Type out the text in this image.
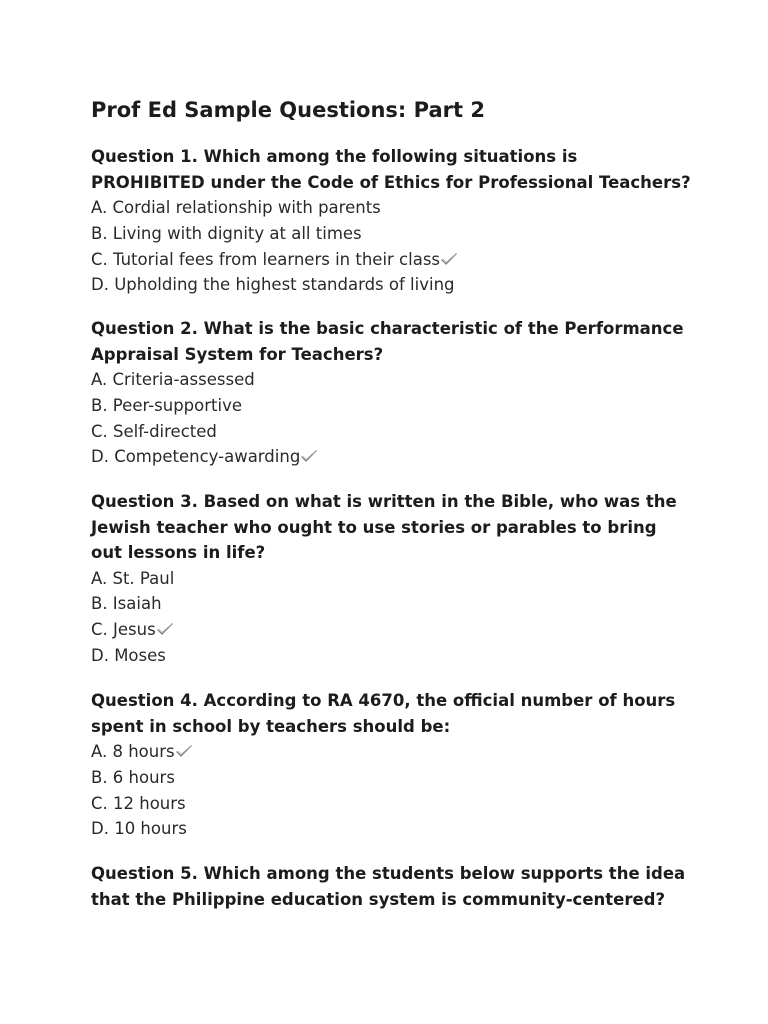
Prof Ed Sample Questions: Part 2

Question 1. Which among the following situations is PROHIBITED under the Code of Ethics for Professional Teachers?

A. Cordial relationship with parents
B. Living with dignity at all times
C. Tutorial fees from learners in their class
D. Upholding the highest standards of living

Question 2. What is the basic characteristic of the Performance Appraisal System for Teachers?

A. Criteria-assessed
B. Peer-supportive
C. Self-directed
D. Competency-awarding

Question 3. Based on what is written in the Bible, who was the Jewish teacher who ought to use stories or parables to bring out lessons in life?

A. St. Paul
B. Isaiah
C. Jesus
D. Moses

Question 4. According to RA 4670, the official number of hours spent in school by teachers should be:

A. 8 hours
B. 6 hours
C. 12 hours
D. 10 hours

Question 5. Which among the students below supports the idea that the Philippine education system is community-centered?
